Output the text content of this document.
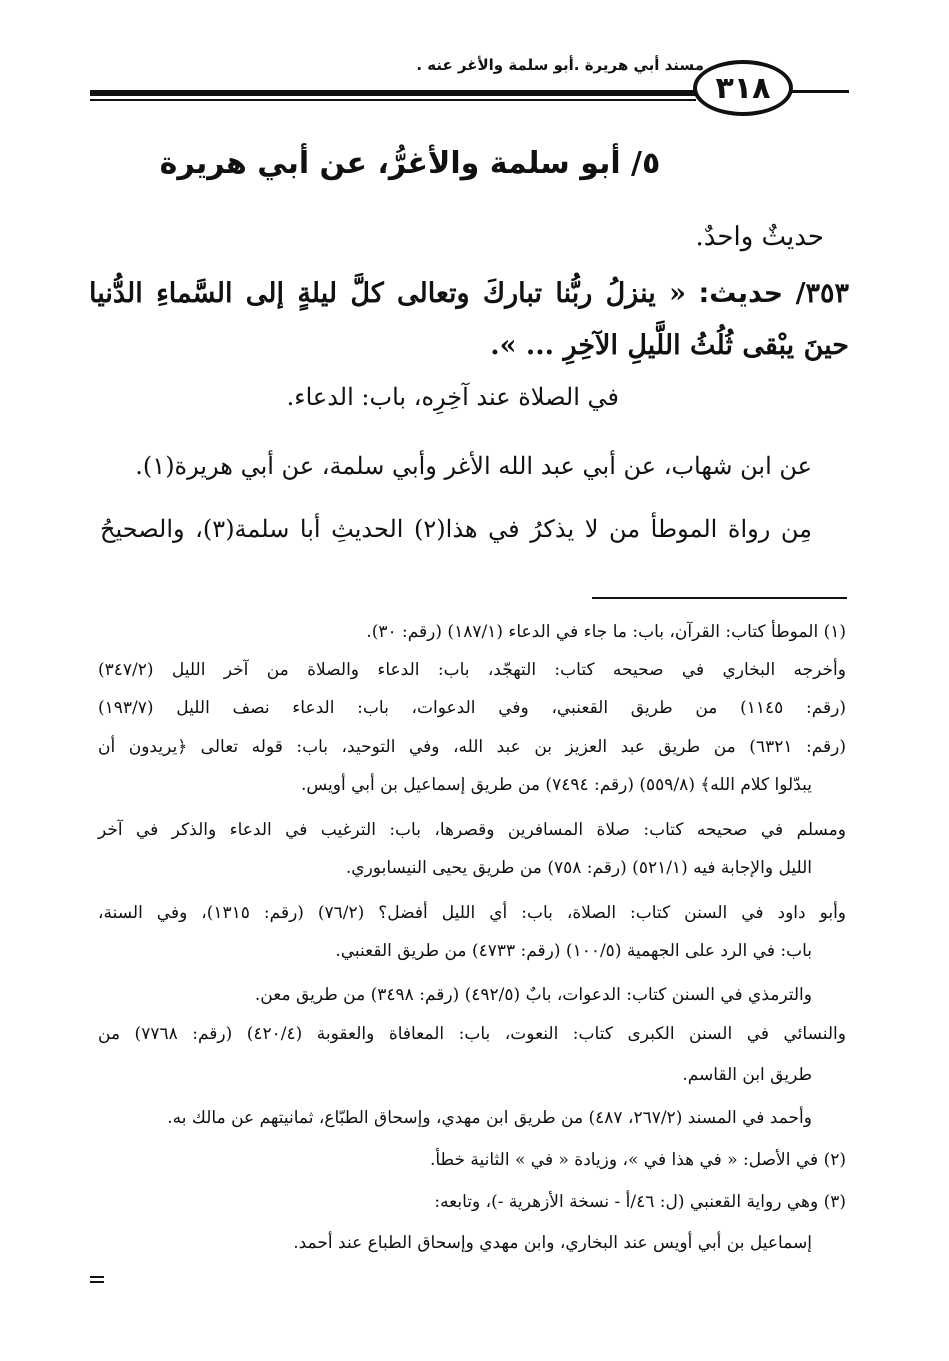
مسند أبي هريرة .أبو سلمة والأغر عنه .
٣١٨
٥/ أبو سلمة والأغرُّ، عن أبي هريرة
حديثٌ واحدٌ.
٣٥٣/ حديث: « ينزلُ ربُّنا تباركَ وتعالى كلَّ ليلةٍ إلى السَّماءِ الدُّنيا
حينَ يبْقى ثُلُثُ اللَّيلِ الآخِرِ ... ».
في الصلاة عند آخِرِه، باب: الدعاء.
عن ابن شهاب، عن أبي عبد الله الأغر وأبي سلمة، عن أبي هريرة(١).
مِن رواة الموطأ من لا يذكرُ في هذا(٢) الحديثِ أبا سلمة(٣)، والصحيحُ
(١) الموطأ كتاب: القرآن، باب: ما جاء في الدعاء (١٨٧/١) (رقم: ٣٠).
وأخرجه البخاري في صحيحه كتاب: التهجّد، باب: الدعاء والصلاة من آخر الليل (٣٤٧/٢)
(رقم: ١١٤٥) من طريق القعنبي، وفي الدعوات، باب: الدعاء نصف الليل (١٩٣/٧)
(رقم: ٦٣٢١) من طريق عبد العزيز بن عبد الله، وفي التوحيد، باب: قوله تعالى ﴿يريدون أن
يبدّلوا كلام الله﴾ (٥٥٩/٨) (رقم: ٧٤٩٤) من طريق إسماعيل بن أبي أويس.
ومسلم في صحيحه كتاب: صلاة المسافرين وقصرها، باب: الترغيب في الدعاء والذكر في آخر
الليل والإجابة فيه (٥٢١/١) (رقم: ٧٥٨) من طريق يحيى النيسابوري.
وأبو داود في السنن كتاب: الصلاة، باب: أي الليل أفضل؟ (٧٦/٢) (رقم: ١٣١٥)، وفي السنة،
باب: في الرد على الجهمية (١٠٠/٥) (رقم: ٤٧٣٣) من طريق القعنبي.
والترمذي في السنن كتاب: الدعوات، بابٌ (٤٩٢/٥) (رقم: ٣٤٩٨) من طريق معن.
والنسائي في السنن الكبرى كتاب: النعوت، باب: المعافاة والعقوبة (٤٢٠/٤) (رقم: ٧٧٦٨) من
طريق ابن القاسم.
وأحمد في المسند (٢٦٧/٢، ٤٨٧) من طريق ابن مهدي، وإسحاق الطبّاع، ثمانيتهم عن مالك به.
(٢) في الأصل: « في هذا في »، وزيادة « في » الثانية خطأ.
(٣) وهي رواية القعنبي (ل: ٤٦/أ - نسخة الأزهرية -)، وتابعه:
إسماعيل بن أبي أويس عند البخاري، وابن مهدي وإسحاق الطباع عند أحمد.
